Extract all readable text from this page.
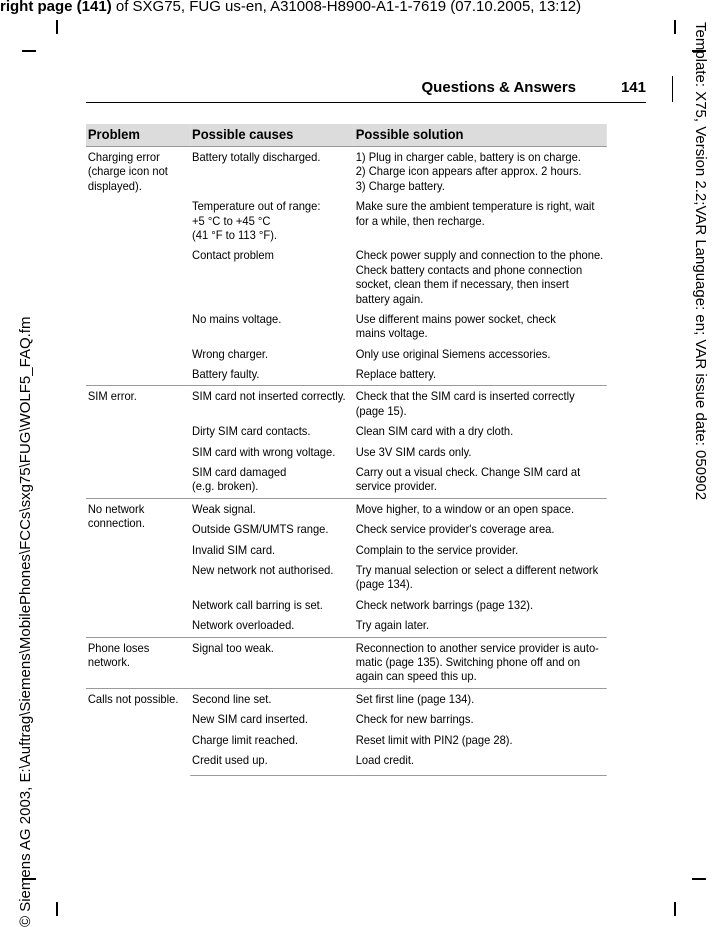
right page (141) of SXG75, FUG us-en, A31008-H8900-A1-1-7619 (07.10.2005, 13:12)
© Siemens AG 2003, E:\Auftrag\Siemens\MobilePhones\FCCs\sxg75\FUG\WOLF5_FAQ.fm
Template: X75, Version 2.2;VAR Language: en; VAR issue date: 050902
Questions & Answers	141
Problem	Possible causes	Possible solution
Charging error (charge icon not displayed).	Battery totally discharged.	1) Plug in charger cable, battery is on charge.
2) Charge icon appears after approx. 2 hours.
3) Charge battery.
	Temperature out of range:
+5 °C to +45 °C
(41 °F to 113 °F).	Make sure the ambient temperature is right, wait for a while, then recharge.
	Contact problem	Check power supply and connection to the phone. Check battery contacts and phone connection socket, clean them if necessary, then insert battery again.
	No mains voltage.	Use different mains power socket, check
mains voltage.
	Wrong charger.	Only use original Siemens accessories.
	Battery faulty.	Replace battery.
SIM error.	SIM card not inserted correctly.	Check that the SIM card is inserted correctly
(page 15).
	Dirty SIM card contacts.	Clean SIM card with a dry cloth.
	SIM card with wrong voltage.	Use 3V SIM cards only.
	SIM card damaged
(e.g. broken).	Carry out a visual check. Change SIM card at service provider.
No network connection.	Weak signal.	Move higher, to a window or an open space.
	Outside GSM/UMTS range.	Check service provider's coverage area.
	Invalid SIM card.	Complain to the service provider.
	New network not authorised.	Try manual selection or select a different network (page 134).
	Network call barring is set.	Check network barrings (page 132).
	Network overloaded.	Try again later.
Phone loses network.	Signal too weak.	Reconnection to another service provider is auto-matic (page 135). Switching phone off and on again can speed this up.
Calls not possible.	Second line set.	Set first line (page 134).
	New SIM card inserted.	Check for new barrings.
	Charge limit reached.	Reset limit with PIN2 (page 28).
	Credit used up.	Load credit.
